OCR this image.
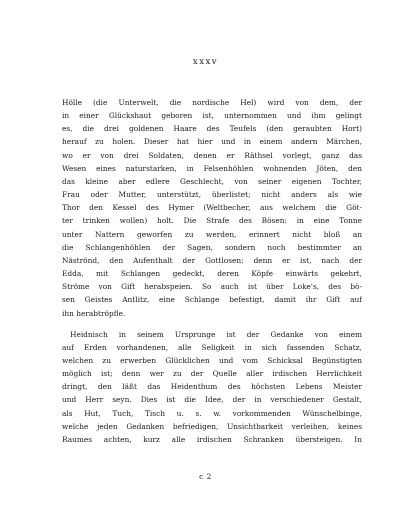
xxxv
Hölle (die Unterwelt, die nordische Hel) wird von dem, der
in einer Glückshaut geboren ist, unternommen und ihm gelingt
es, die drei goldenen Haare des Teufels (den geraubten Hort)
herauf zu holen. Dieser hat hier und in einem andern Märchen,
wo er von drei Soldaten, denen er Räthsel vorlegt, ganz das
Wesen eines naturstarken, in Felsenhöhlen wohnenden Jöten, den
das kleine aber edlere Geschlecht, von seiner eigenen Tochter,
Frau oder Mutter, unterstützt, überlistet; nicht anders als wie
Thor den Kessel des Hymer (Weltbecher, aus welchem die Göt-
ter trinken wollen) holt. Die Strafe des Bösen: in eine Tonne
unter Nattern geworfen zu werden, erinnert nicht bloß an
die Schlangenhöhlen der Sagen, sondern noch bestimmter an
Näströnd, den Aufenthalt der Gottlosen; denn er ist, nach der
Edda, mit Schlangen gedeckt, deren Köpfe einwärts gekehrt,
Ströme von Gift herabspeien. So auch ist über Loke's, des bö-
sen Geistes Antlitz, eine Schlange befestigt, damit ihr Gift auf
ihn herabtröpfle.
Heidnisch in seinem Ursprunge ist der Gedanke von einem
auf Erden vorhandenen, alle Seligkeit in sich fassenden Schatz,
welchen zu erwerben Glücklichen und vom Schicksal Begünstigten
möglich ist; denn wer zu der Quelle aller irdischen Herrlichkeit
dringt, den läßt das Heidenthum des höchsten Lebens Meister
und Herr seyn. Dies ist die Idee, der in verschiedener Gestalt,
als Hut, Tuch, Tisch u. s. w. vorkommenden Wünschelbinge,
welche jeden Gedanken befriedigen, Unsichtbarkeit verleihen, keines
Raumes achten, kurz alle irdischen Schranken übersteigen. In
c 2
